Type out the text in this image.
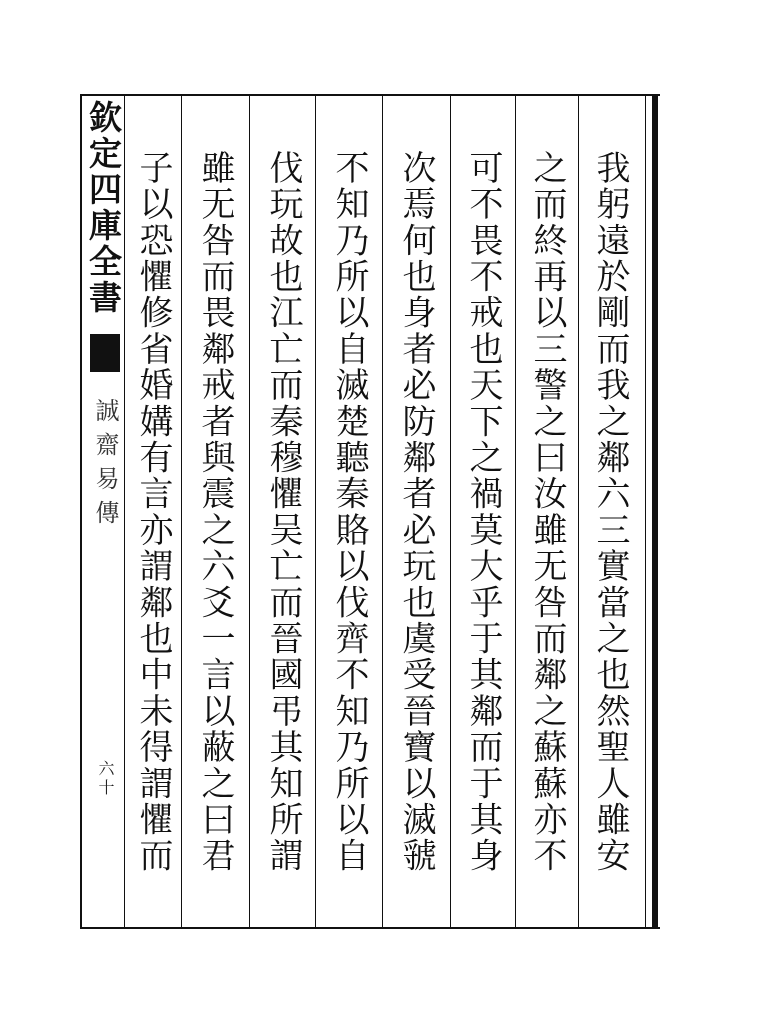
欽定四庫全書
誠齋易傳
六十	我躬遠於剛而我之鄰六三實當之也然聖人雖安
之而終再以三警之曰汝雖无咎而鄰之蘇蘇亦不
可不畏不戒也天下之禍莫大乎于其鄰而于其身
次焉何也身者必防鄰者必玩也虞受晉寶以滅虢
不知乃所以自滅楚聽秦賂以伐齊不知乃所以自
伐玩故也江亡而秦穆懼吴亡而晉國弔其知所謂
雖无咎而畏鄰戒者與震之六爻一言以蔽之曰君
子以恐懼修省婚媾有言亦謂鄰也中未得謂懼而
